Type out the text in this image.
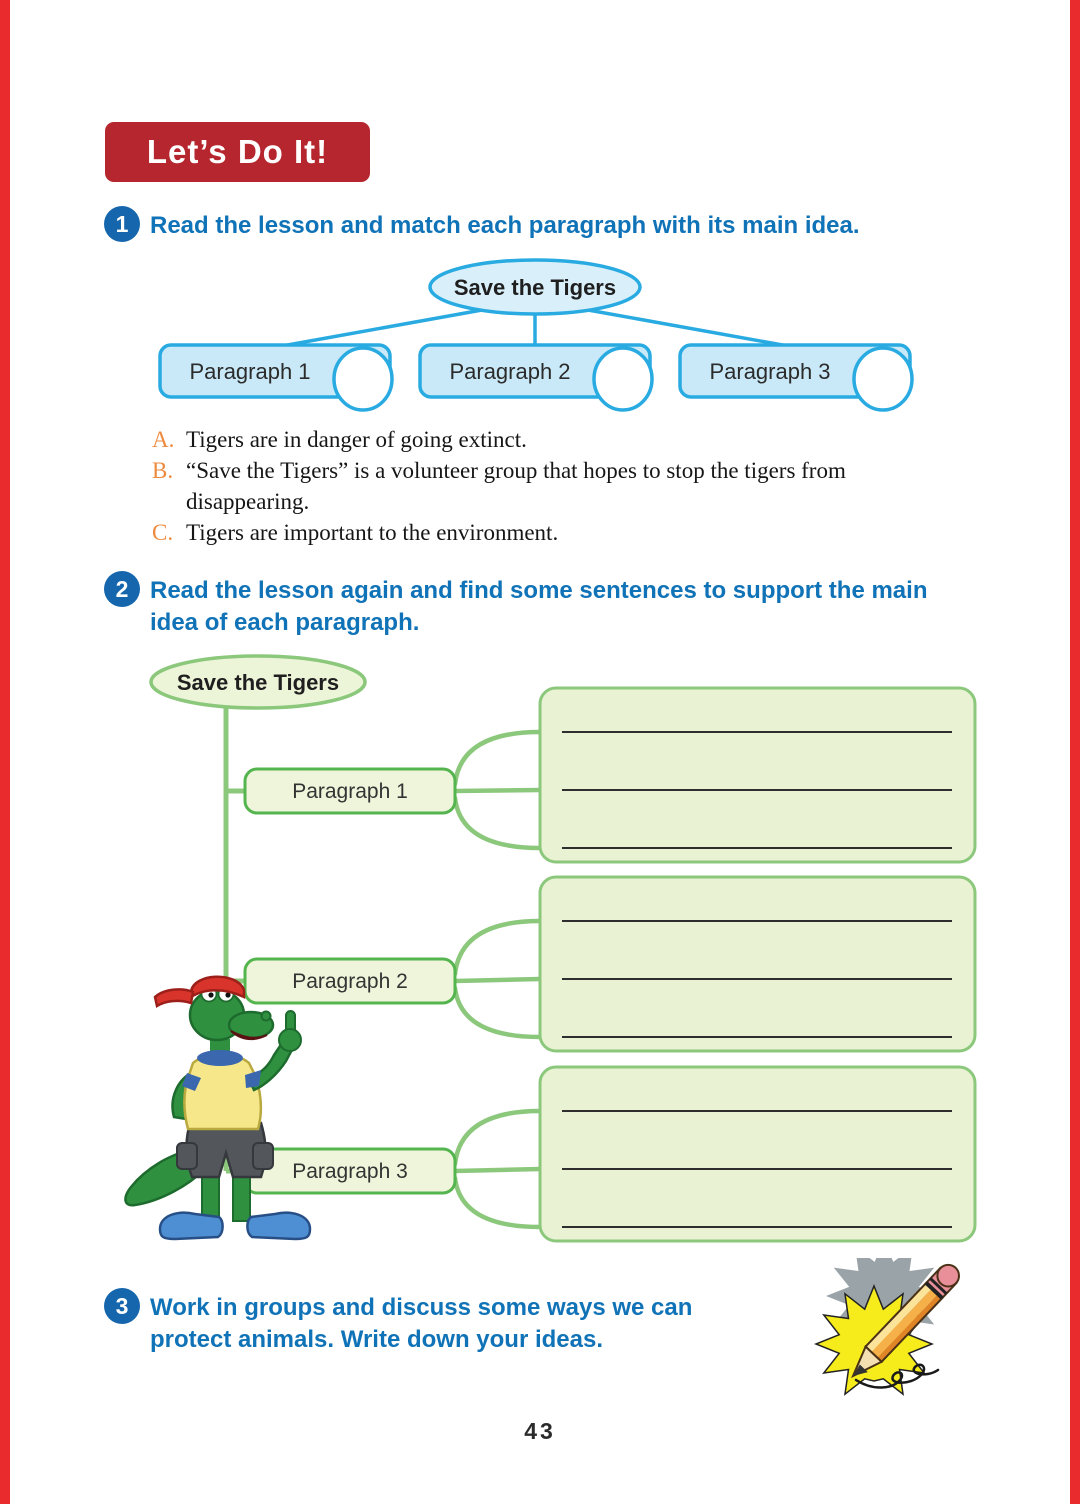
Let’s Do It!
1 Read the lesson and match each paragraph with its main idea.
Save the Tigers
Paragraph 1	Paragraph 2	Paragraph 3
A. Tigers are in danger of going extinct.
B. “Save the Tigers” is a volunteer group that hopes to stop the tigers from disappearing.
C. Tigers are important to the environment.
2 Read the lesson again and find some sentences to support the main idea of each paragraph.
Save the Tigers
Paragraph 1
Paragraph 2
Paragraph 3
3 Work in groups and discuss some ways we can protect animals. Write down your ideas.
43
